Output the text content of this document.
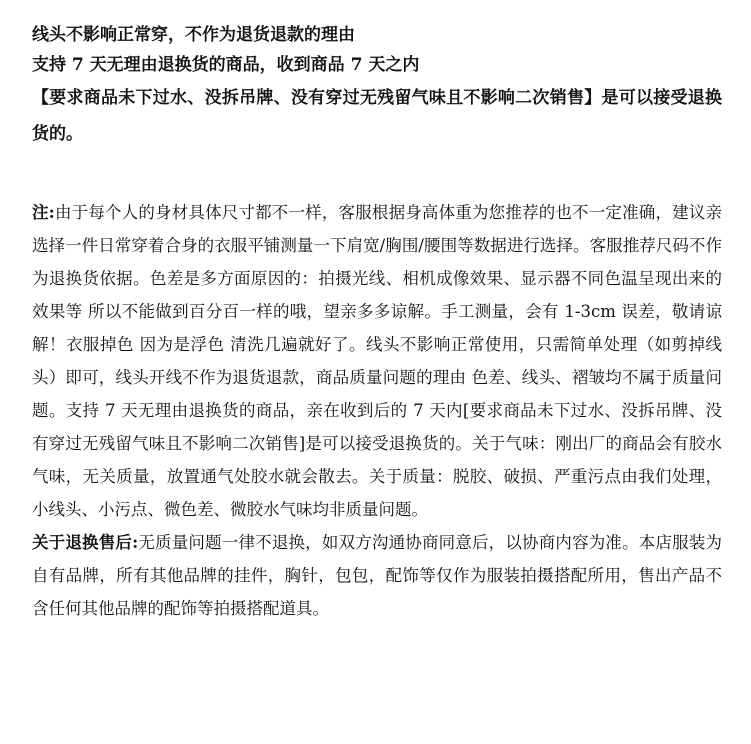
线头不影响正常穿，不作为退货退款的理由

支持 7 天无理由退换货的商品，收到商品 7 天之内

【要求商品未下过水、没拆吊牌、没有穿过无残留气味且不影响二次销售】是可以接受退换货的。

注:由于每个人的身材具体尺寸都不一样，客服根据身高体重为您推荐的也不一定准确，建议亲选择一件日常穿着合身的衣服平铺测量一下肩宽/胸围/腰围等数据进行选择。客服推荐尺码不作为退换货依据。色差是多方面原因的：拍摄光线、相机成像效果、显示器不同色温呈现出来的效果等 所以不能做到百分百一样的哦，望亲多多谅解。手工测量，会有 1-3cm 误差，敬请谅解！衣服掉色 因为是浮色 清洗几遍就好了。线头不影响正常使用，只需简单处理（如剪掉线头）即可，线头开线不作为退货退款，商品质量问题的理由 色差、线头、褶皱均不属于质量问题。支持 7 天无理由退换货的商品，亲在收到后的 7 天内[要求商品未下过水、没拆吊牌、没有穿过无残留气味且不影响二次销售]是可以接受退换货的。关于气味：刚出厂的商品会有胶水气味，无关质量，放置通气处胶水就会散去。关于质量：脱胶、破损、严重污点由我们处理，小线头、小污点、微色差、微胶水气味均非质量问题。

关于退换售后:无质量问题一律不退换，如双方沟通协商同意后，以协商内容为准。本店服装为自有品牌，所有其他品牌的挂件，胸针，包包，配饰等仅作为服装拍摄搭配所用，售出产品不含任何其他品牌的配饰等拍摄搭配道具。
